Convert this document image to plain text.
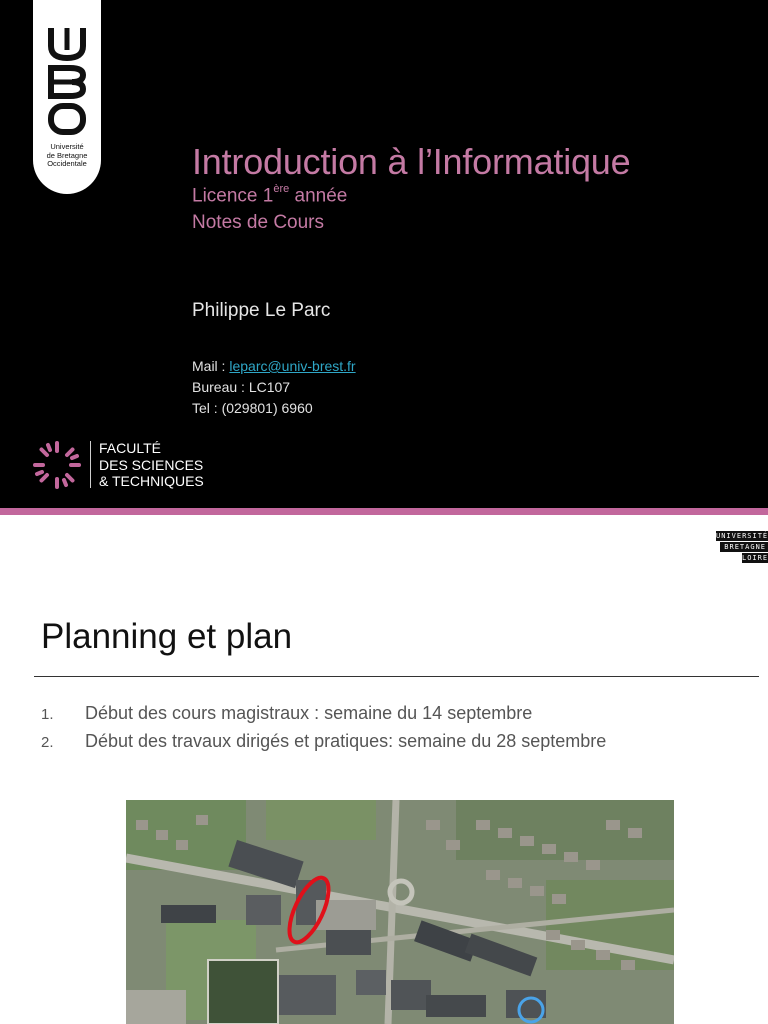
Université
de Bretagne
Occidentale	Introduction à l’Informatique
Licence 1ère année
Notes de Cours
Philippe Le Parc
Mail : leparc@univ-brest.fr
Bureau : LC107
Tel : (029801) 6960
FACULTÉ
DES SCIENCES
& TECHNIQUES
UNIVERSITÉ
BRETAGNE
LOIRE
Planning et plan
1. Début des cours magistraux : semaine du 14 septembre
2. Début des travaux dirigés et pratiques: semaine du 28 septembre
